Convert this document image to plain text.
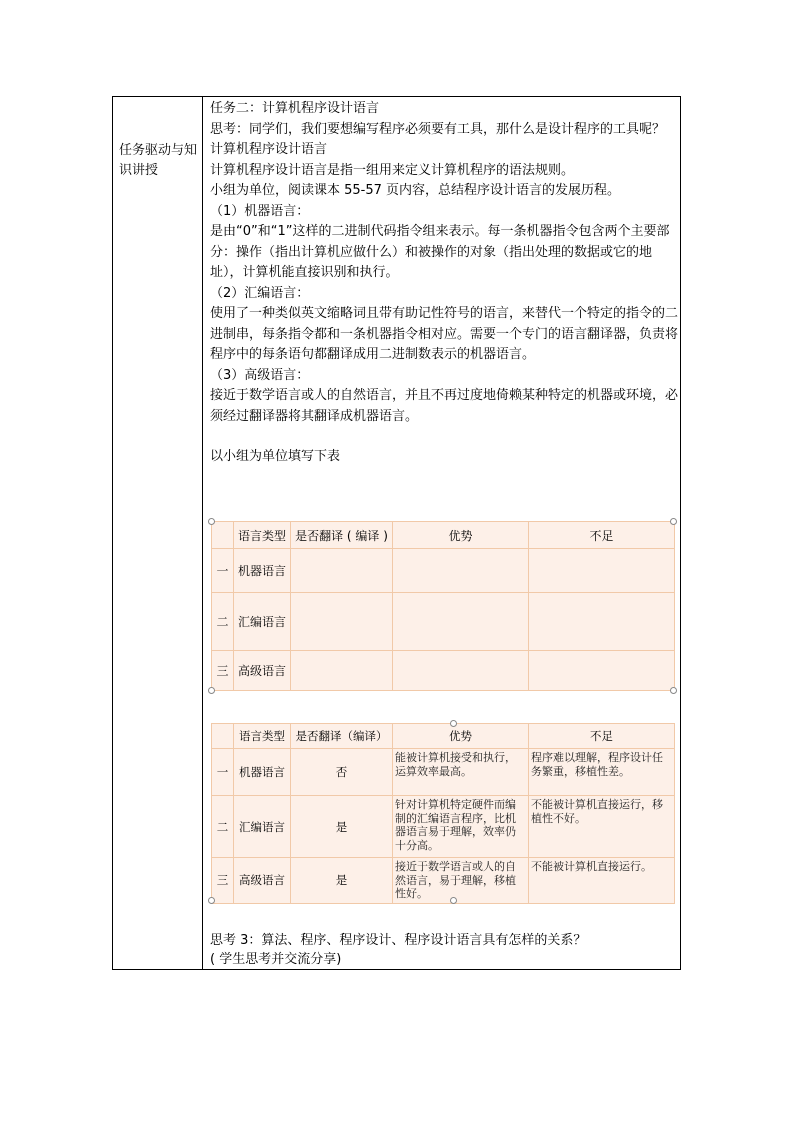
任务驱动与知识讲授

任务二：计算机程序设计语言

思考：同学们，我们要想编写程序必须要有工具，那什么是设计程序的工具呢？

计算机程序设计语言

计算机程序设计语言是指一组用来定义计算机程序的语法规则。

小组为单位，阅读课本 55-57 页内容，总结程序设计语言的发展历程。

（1）机器语言：

是由“0”和“1”这样的二进制代码指令组来表示。每一条机器指令包含两个主要部分：操作（指出计算机应做什么）和被操作的对象（指出处理的数据或它的地址），计算机能直接识别和执行。

（2）汇编语言：

使用了一种类似英文缩略词且带有助记性符号的语言，来替代一个特定的指令的二进制串，每条指令都和一条机器指令相对应。需要一个专门的语言翻译器，负责将程序中的每条语句都翻译成用二进制数表示的机器语言。

（3）高级语言：

接近于数学语言或人的自然语言，并且不再过度地倚赖某种特定的机器或环境，必须经过翻译器将其翻译成机器语言。

以小组为单位填写下表

思考 3：算法、程序、程序设计、程序设计语言具有怎样的关系？

( 学生思考并交流分享)

	语言类型	是否翻译 ( 编译 )	优势	不足
一	机器语言			
二	汇编语言			
三	高级语言			
	语言类型	是否翻译（编译）	优势	不足
一	机器语言	否	能被计算机接受和执行，运算效率最高。	程序难以理解，程序设计任务繁重，移植性差。
二	汇编语言	是	针对计算机特定硬件而编制的汇编语言程序，比机器语言易于理解，效率仍十分高。	不能被计算机直接运行，移植性不好。
三	高级语言	是	接近于数学语言或人的自然语言，易于理解，移植性好。	不能被计算机直接运行。
